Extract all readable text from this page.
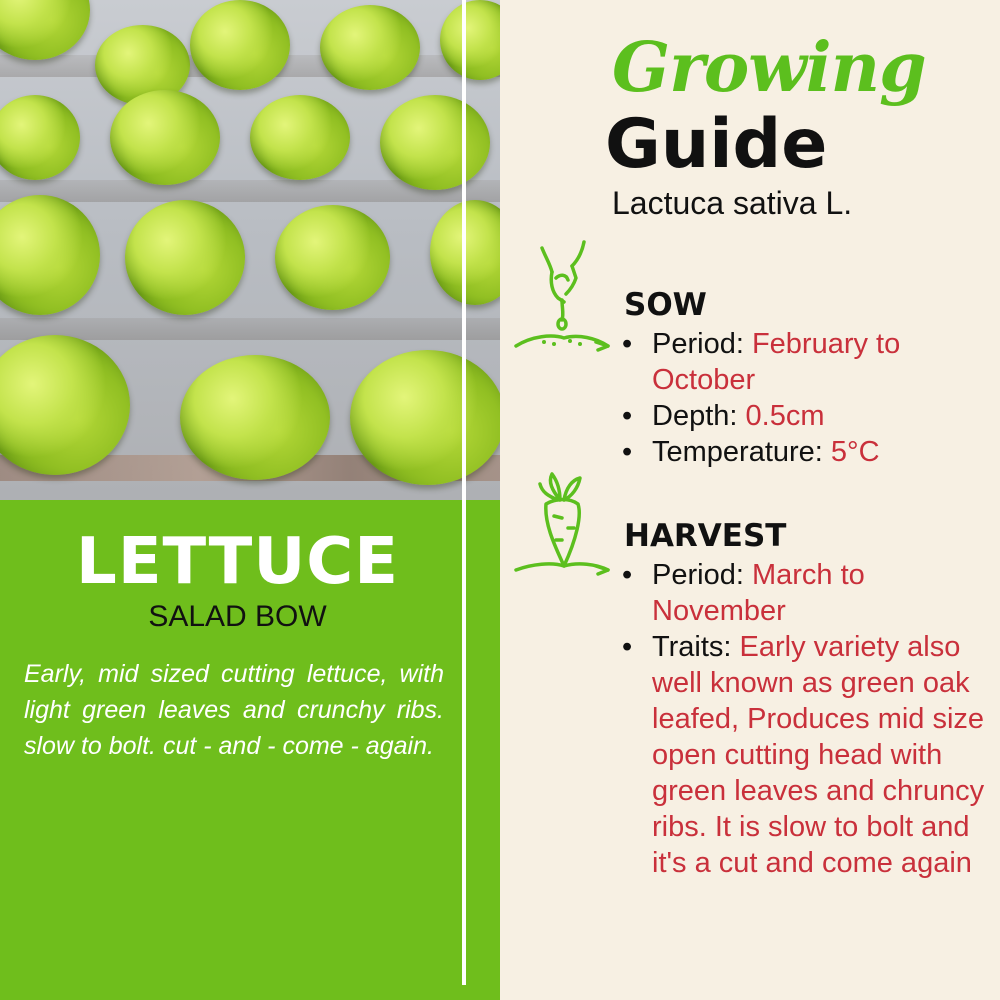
LETTUCE
SALAD BOW
Early, mid sized cutting lettuce, with light green leaves and crunchy ribs. slow to bolt. cut - and - come - again.
Growing
Guide
Lactuca sativa L.
SOW
• Period: February to October
• Depth: 0.5cm
• Temperature: 5°C
HARVEST
• Period: March to November
• Traits: Early variety also well known as green oak leafed, Produces mid size open cutting head with green leaves and chruncy ribs. It is slow to bolt and it's a cut and come again
